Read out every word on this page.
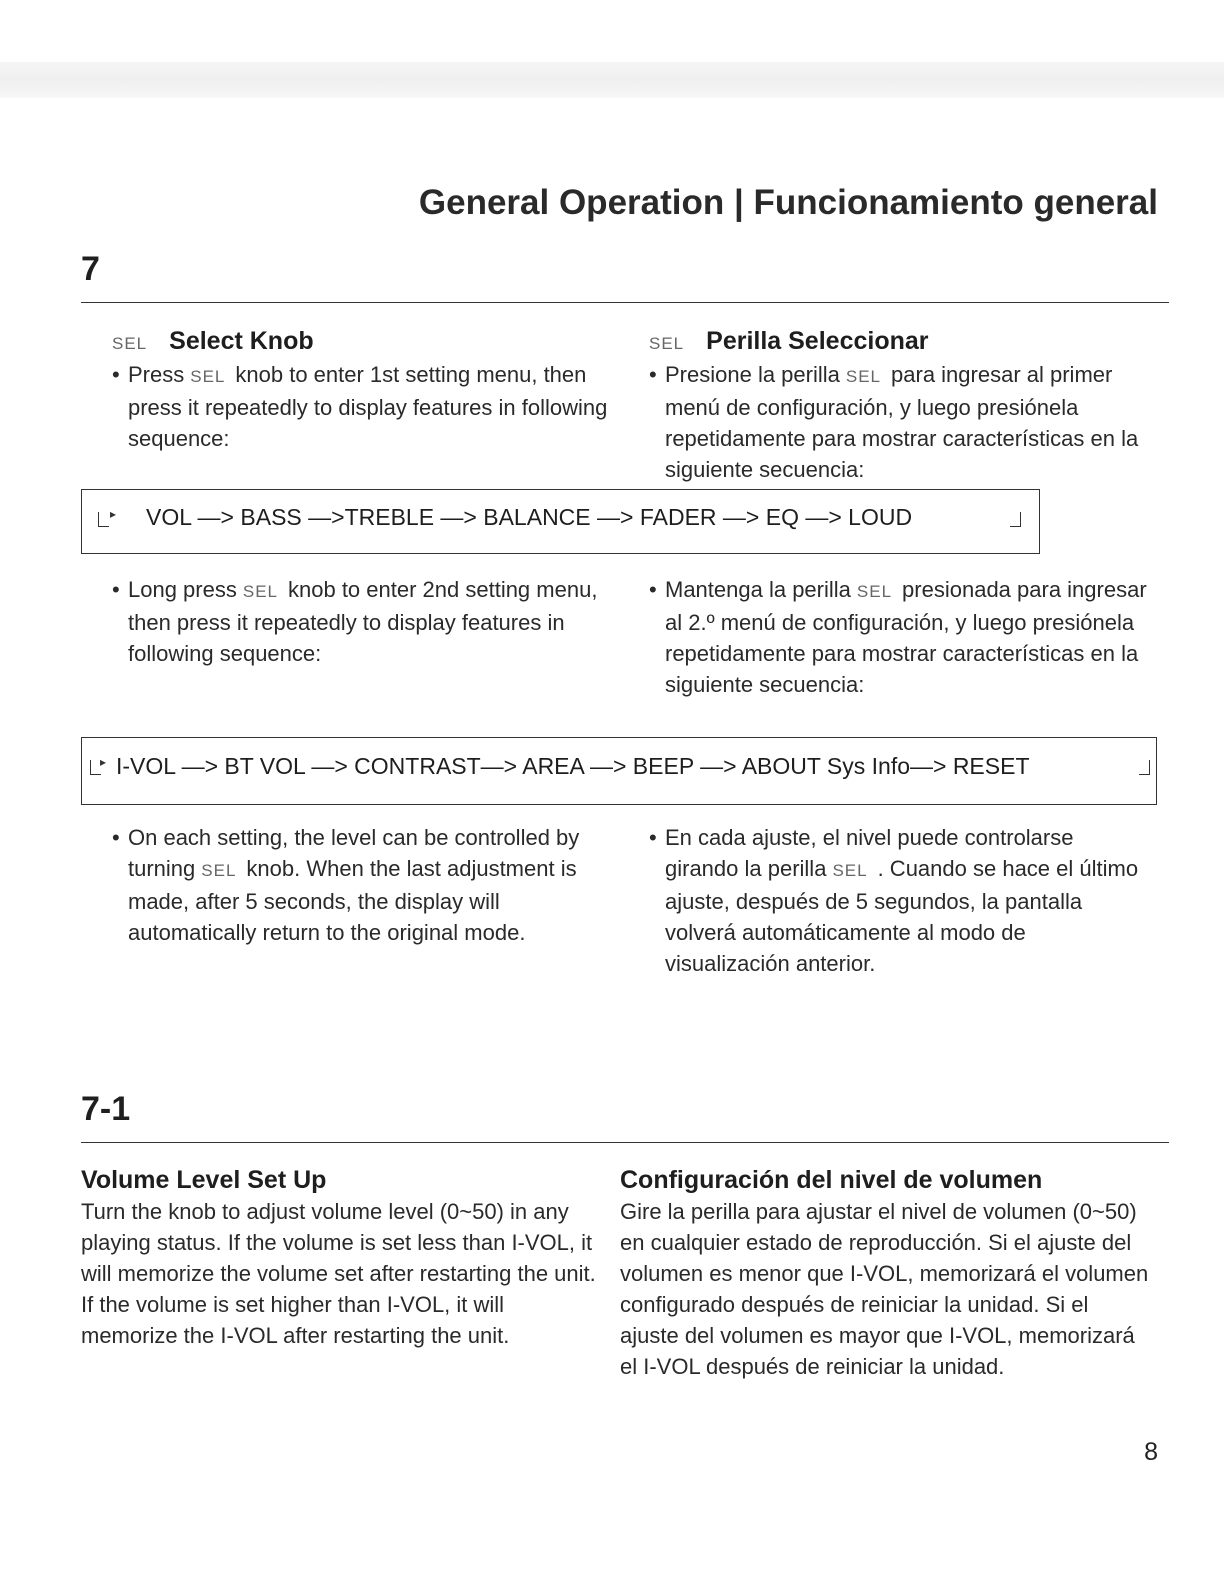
General Operation | Funcionamiento general
7
SEL Select Knob
• Press SEL knob to enter 1st setting menu, then press it repeatedly to display features in following sequence:
SEL Perilla Seleccionar
• Presione la perilla SEL para ingresar al primer menú de configuración, y luego presiónela repetidamente para mostrar características en la siguiente secuencia:
▸ VOL —> BASS —>TREBLE —> BALANCE —> FADER —> EQ —> LOUD
• Long press SEL knob to enter 2nd setting menu, then press it repeatedly to display features in following sequence:
• Mantenga la perilla SEL presionada para ingresar al 2.º menú de configuración, y luego presiónela repetidamente para mostrar características en la siguiente secuencia:
▸ I-VOL —> BT VOL —> CONTRAST—> AREA —> BEEP —> ABOUT Sys Info—> RESET
• On each setting, the level can be controlled by turning SEL knob. When the last adjustment is made, after 5 seconds, the display will automatically return to the original mode.
• En cada ajuste, el nivel puede controlarse girando la perilla SEL . Cuando se hace el último ajuste, después de 5 segundos, la pantalla volverá automáticamente al modo de visualización anterior.
7-1
Volume Level Set Up
Turn the knob to adjust volume level (0~50) in any playing status. If the volume is set less than I-VOL, it will memorize the volume set after restarting the unit. If the volume is set higher than I-VOL, it will memorize the I-VOL after restarting the unit.
Configuración del nivel de volumen
Gire la perilla para ajustar el nivel de volumen (0~50) en cualquier estado de reproducción. Si el ajuste del volumen es menor que I-VOL, memorizará el volumen configurado después de reiniciar la unidad. Si el ajuste del volumen es mayor que I-VOL, memorizará el I-VOL después de reiniciar la unidad.
8
